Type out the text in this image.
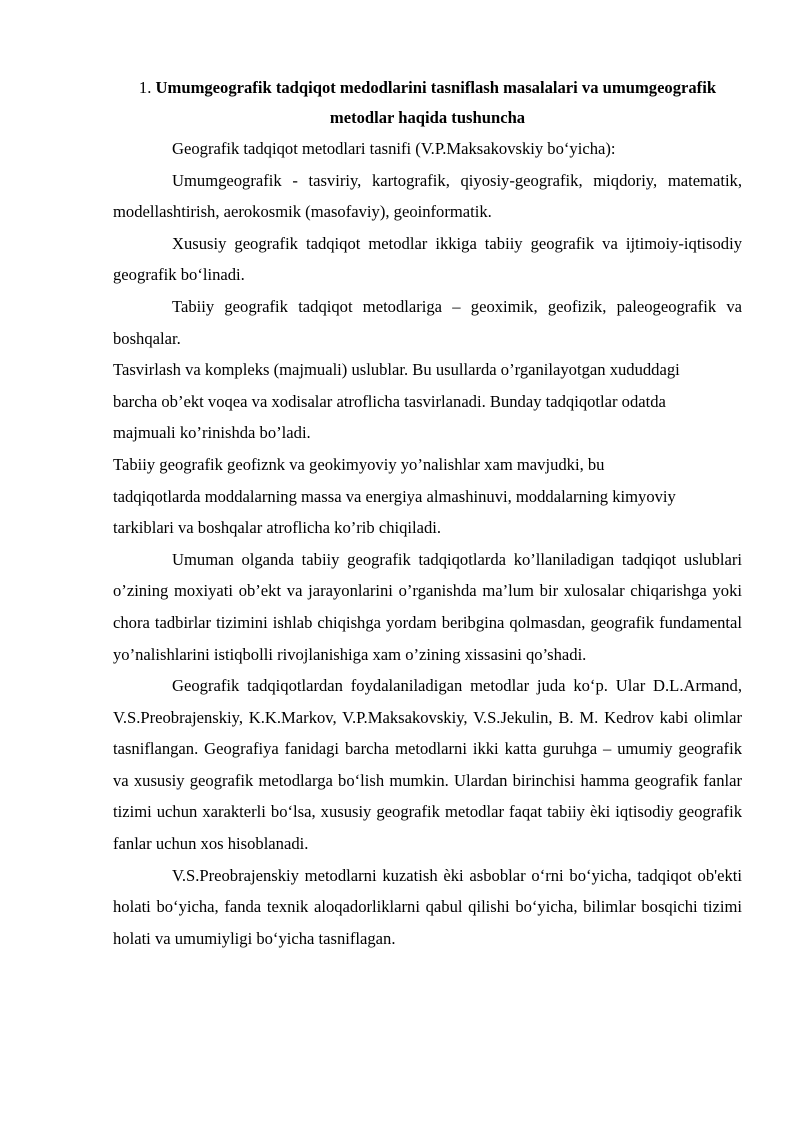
1. Umumgeografik tadqiqot medodlarini tasniflash masalalari va umumgeografik metodlar haqida tushuncha

Geografik tadqiqot metodlari tasnifi (V.P.Maksakovskiy bo‘yicha):

Umumgeografik - tasviriy, kartografik, qiyosiy-geografik, miqdoriy, matematik, modellashtirish, aerokosmik (masofaviy), geoinformatik.

Xususiy geografik tadqiqot metodlar ikkiga tabiiy geografik va ijtimoiy-iqtisodiy geografik bo‘linadi.

Tabiiy geografik tadqiqot metodlariga – geoximik, geofizik, paleogeografik va boshqalar.

Tasvirlash va kompleks (majmuali) uslublar. Bu usullarda o’rganilayotgan xududdagi barcha ob’ekt voqea va xodisalar atroflicha tasvirlanadi. Bunday tadqiqotlar odatda majmuali ko’rinishda bo’ladi.

Tabiiy geografik geofiznk va geokimyoviy yo’nalishlar xam mavjudki, bu tadqiqotlarda moddalarning massa va energiya almashinuvi, moddalarning kimyoviy tarkiblari va boshqalar atroflicha ko’rib chiqiladi.

Umuman olganda tabiiy geografik tadqiqotlarda ko’llaniladigan tadqiqot uslublari o’zining moxiyati ob’ekt va jarayonlarini o’rganishda ma’lum bir xulosalar chiqarishga yoki chora tadbirlar tizimini ishlab chiqishga yordam beribgina qolmasdan, geografik fundamental yo’nalishlarini istiqbolli rivojlanishiga xam o’zining xissasini qo’shadi.

Geografik tadqiqotlardan foydalaniladigan metodlar juda ko‘p. Ular D.L.Armand, V.S.Preobrajenskiy, K.K.Markov, V.P.Maksakovskiy, V.S.Jekulin, B. M. Kedrov kabi olimlar tasniflangan. Geografiya fanidagi barcha metodlarni ikki katta guruhga – umumiy geografik va xususiy geografik metodlarga bo‘lish mumkin. Ulardan birinchisi hamma geografik fanlar tizimi uchun xarakterli bo‘lsa, xususiy geografik metodlar faqat tabiiy èki iqtisodiy geografik fanlar uchun xos hisoblanadi.

V.S.Preobrajenskiy metodlarni kuzatish èki asboblar o‘rni bo‘yicha, tadqiqot ob'ekti holati bo‘yicha, fanda texnik aloqadorliklarni qabul qilishi bo‘yicha, bilimlar bosqichi tizimi holati va umumiyligi bo‘yicha tasniflagan.
